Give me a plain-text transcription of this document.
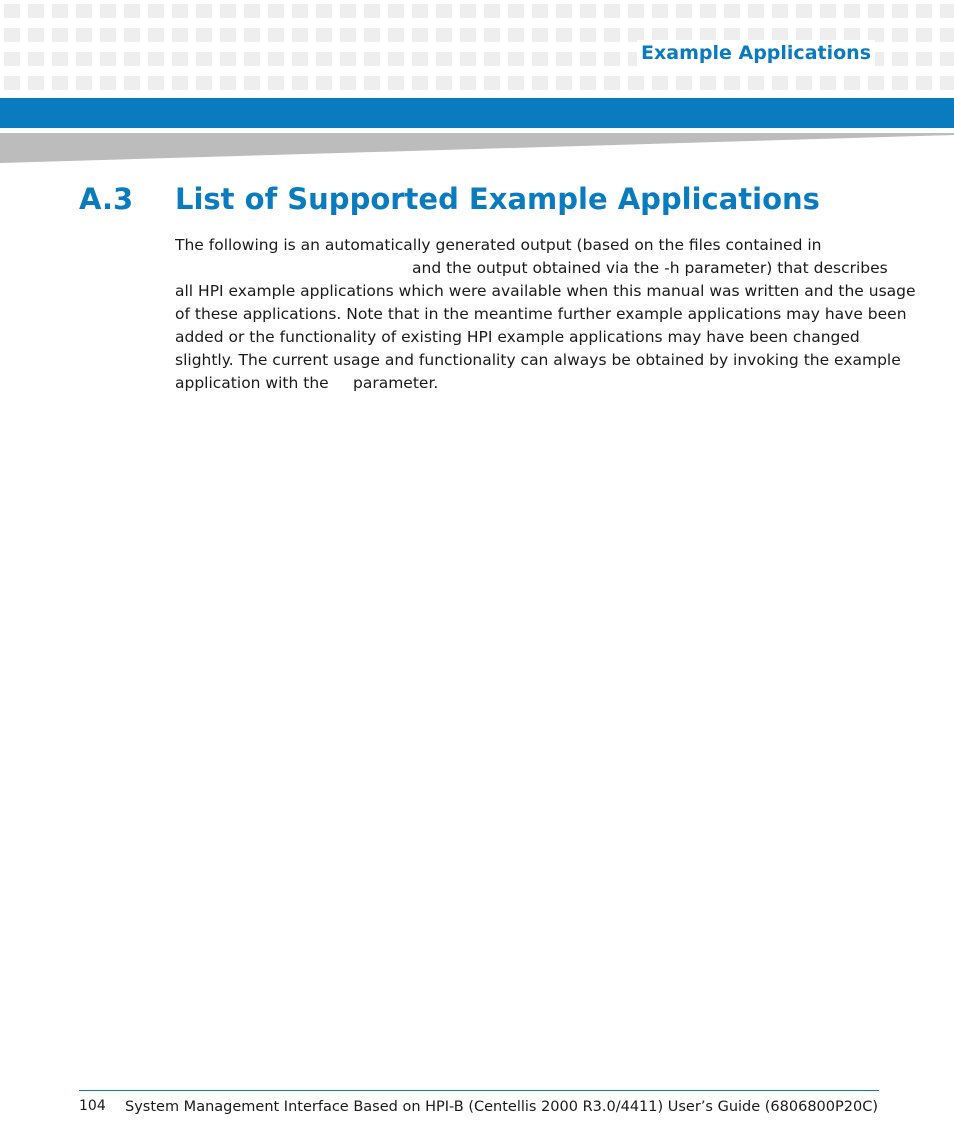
Example Applications
A.3 List of Supported Example Applications
The following is an automatically generated output (based on the files contained in
and the output obtained via the -h parameter) that describes
all HPI example applications which were available when this manual was written and the usage
of these applications. Note that in the meantime further example applications may have been
added or the functionality of existing HPI example applications may have been changed
slightly. The current usage and functionality can always be obtained by invoking the example
application with the	parameter.
104 System Management Interface Based on HPI-B (Centellis 2000 R3.0/4411) User’s Guide (6806800P20C)
